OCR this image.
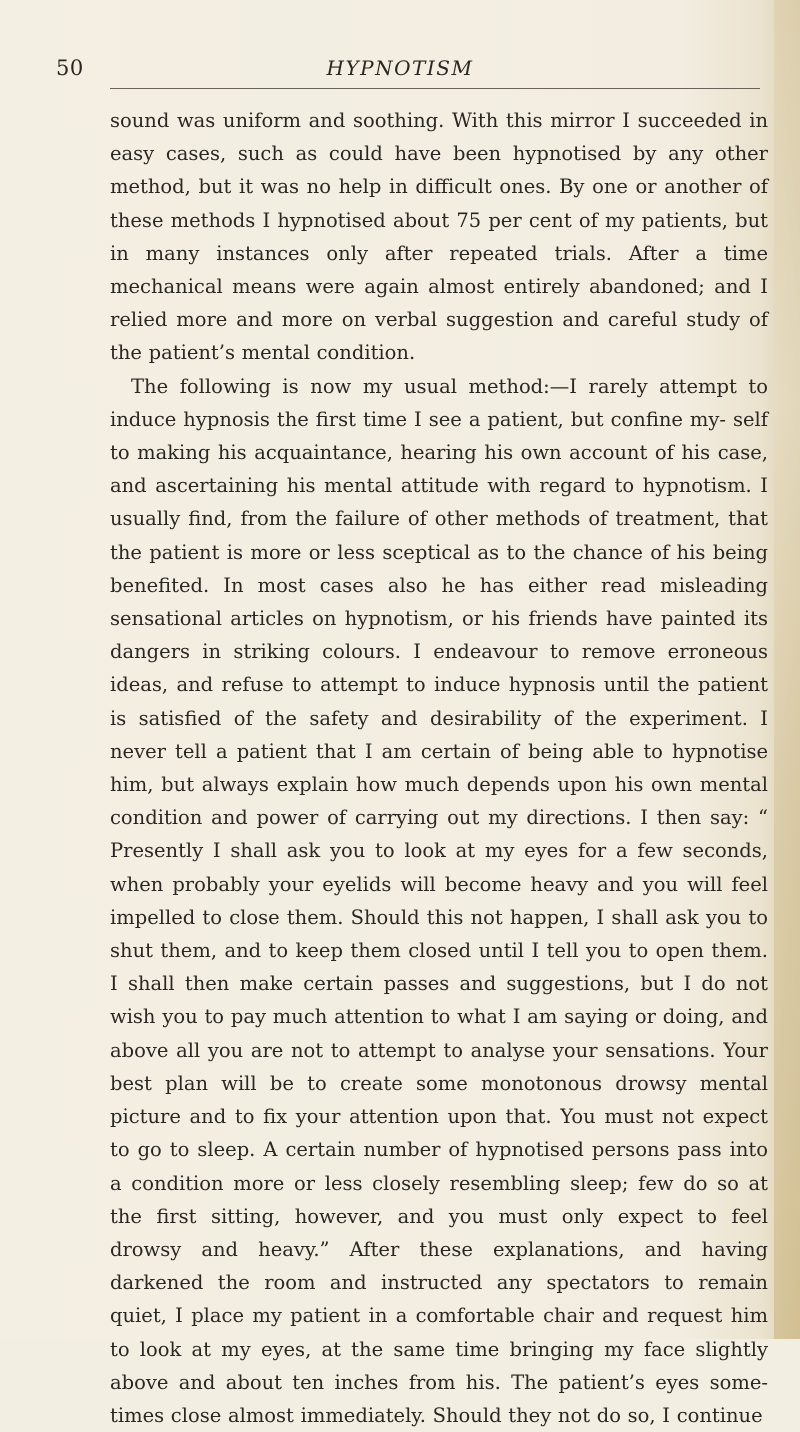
50	HYPNOTISM

sound was uniform and soothing. With this mirror I succeeded in easy cases, such as could have been hypnotised by any other method, but it was no help in difficult ones. By one or another of these methods I hypnotised about 75 per cent of my patients, but in many instances only after repeated trials. After a time mechanical means were again almost entirely abandoned; and I relied more and more on verbal suggestion and careful study of the patient’s mental condition.

The following is now my usual method:—I rarely attempt to induce hypnosis the first time I see a patient, but confine my- self to making his acquaintance, hearing his own account of his case, and ascertaining his mental attitude with regard to hypnotism. I usually find, from the failure of other methods of treatment, that the patient is more or less sceptical as to the chance of his being benefited. In most cases also he has either read misleading sensational articles on hypnotism, or his friends have painted its dangers in striking colours. I endeavour to remove erroneous ideas, and refuse to attempt to induce hypnosis until the patient is satisfied of the safety and desirability of the experiment. I never tell a patient that I am certain of being able to hypnotise him, but always explain how much depends upon his own mental condition and power of carrying out my directions. I then say: “ Presently I shall ask you to look at my eyes for a few seconds, when probably your eyelids will become heavy and you will feel impelled to close them. Should this not happen, I shall ask you to shut them, and to keep them closed until I tell you to open them. I shall then make certain passes and suggestions, but I do not wish you to pay much attention to what I am saying or doing, and above all you are not to attempt to analyse your sensations. Your best plan will be to create some monotonous drowsy mental picture and to fix your attention upon that. You must not expect to go to sleep. A certain number of hypnotised persons pass into a condition more or less closely resembling sleep; few do so at the first sitting, however, and you must only expect to feel drowsy and heavy.” After these explanations, and having darkened the room and instructed any spectators to remain quiet, I place my patient in a comfortable chair and request him to look at my eyes, at the same time bringing my face slightly above and about ten inches from his. The patient’s eyes some- times close almost immediately. Should they not do so, I continue
